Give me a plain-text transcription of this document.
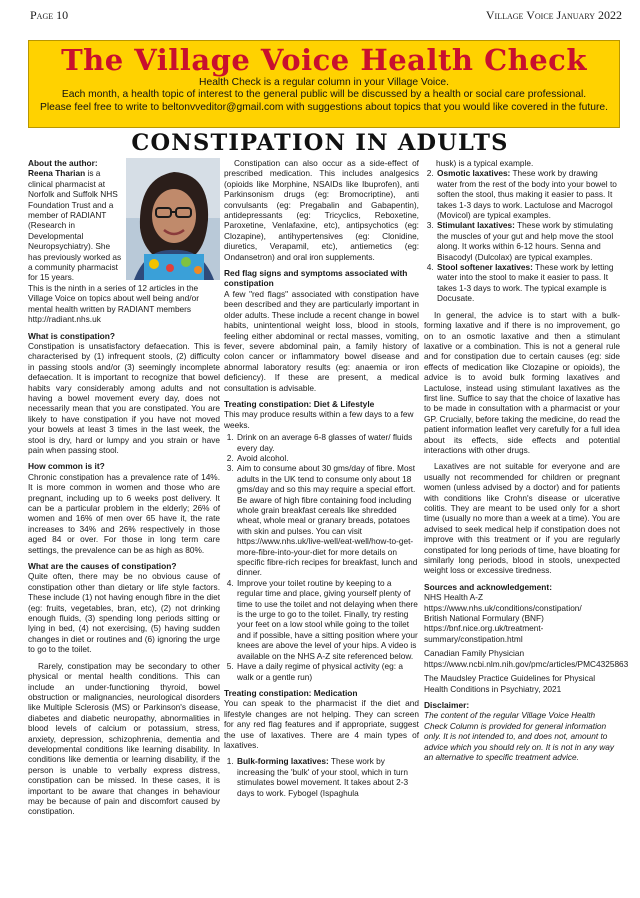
Page 10	Village Voice January 2022
The Village Voice Health Check
Health Check is a regular column in your Village Voice.
Each month, a health topic of interest to the general public will be discussed by a health or social care professional.
Please feel free to write to beltonvveditor@gmail.com with suggestions about topics that you would like covered in the future.
CONSTIPATION IN ADULTS
About the author:
Reena Tharian is a clinical pharmacist at Norfolk and Suffolk NHS Foundation Trust and a member of RADIANT (Research in Developmental Neuropsychiatry). She has previously worked as a community pharmacist for 15 years.

This is the ninth in a series of 12 articles in the Village Voice on topics about well being and/or mental health written by RADIANT members http://radiant.nhs.uk

What is constipation?

Constipation is unsatisfactory defaecation. This is characterised by (1) infrequent stools, (2) difficulty in passing stools and/or (3) seemingly incomplete defaecation. It is important to recognize that bowel habits vary considerably among adults and not having a bowel movement every day, does not necessarily mean that you are constipated. You are likely to have constipation if you have not moved your bowels at least 3 times in the last week, the stool is dry, hard or lumpy and you strain or have pain when passing stool.

How common is it?

Chronic constipation has a prevalence rate of 14%. It is more common in women and those who are pregnant, including up to 6 weeks post delivery. It can be a particular problem in the elderly; 26% of women and 16% of men over 65 have it, the rate increases to 34% and 26% respectively in those aged 84 or over. For those in long term care settings, the prevalence can be as high as 80%.

What are the causes of constipation?

Quite often, there may be no obvious cause of constipation other than dietary or life style factors. These include (1) not having enough fibre in the diet (eg: fruits, vegetables, bran, etc), (2) not drinking enough fluids, (3) spending long periods sitting or lying in bed, (4) not exercising, (5) having sudden changes in diet or routines and (6) ignoring the urge to go to the toilet.

Rarely, constipation may be secondary to other physical or mental health conditions. This can include an under-functioning thyroid, bowel obstruction or malignancies, neurological disorders like Multiple Sclerosis (MS) or Parkinson's disease, diabetes and diabetic neuropathy, abnormalities in blood levels of calcium or potassium, stress, anxiety, depression, schizophrenia, dementia and developmental conditions like learning disability. In conditions like dementia or learning disability, if the person is unable to verbally express distress, constipation can be missed. In these cases, it is important to be aware that changes in behaviour may be because of pain and discomfort caused by constipation.

Constipation can also occur as a side-effect of prescribed medication. This includes analgesics (opioids like Morphine, NSAIDs like Ibuprofen), anti Parkinsonism drugs (eg: Bromocriptine), anti convulsants (eg: Pregabalin and Gabapentin), antidepressants (eg: Tricyclics, Reboxetine, Paroxetine, Venlafaxine, etc), antipsychotics (eg: Clozapine), antihypertensives (eg: Clonidine, diuretics, Verapamil, etc), antiemetics (eg: Ondansetron) and oral iron supplements.

Red flag signs and symptoms associated with constipation

A few "red flags" associated with constipation have been described and they are particularly important in older adults. These include a recent change in bowel habits, unintentional weight loss, blood in stools, feeling either abdominal or rectal masses, vomiting, fever, severe abdominal pain, a family history of colon cancer or inflammatory bowel disease and abnormal laboratory results (eg: anaemia or iron deficiency). If these are present, a medical consultation is advisable.

Treating constipation: Diet & Lifestyle

This may produce results within a few days to a few weeks.

1. Drink on an average 6-8 glasses of water/ fluids every day.
2. Avoid alcohol.
3. Aim to consume about 30 gms/day of fibre. Most adults in the UK tend to consume only about 18 gms/day and so this may require a special effort. Be aware of high fibre containing food including whole grain breakfast cereals like shredded wheat, whole meal or granary breads, potatoes with skin and pulses. You can visit https://www.nhs.uk/live-well/eat-well/how-to-get-more-fibre-into-your-diet for more details on specific fibre-rich recipes for breakfast, lunch and dinner.
4. Improve your toilet routine by keeping to a regular time and place, giving yourself plenty of time to use the toilet and not delaying when there is the urge to go to the toilet. Finally, try resting your feet on a low stool while going to the toilet and if possible, have a sitting position where your knees are above the level of your hips. A video is available on the NHS A-Z site referenced below.
5. Have a daily regime of physical activity (eg: a walk or a gentle run)
Treating constipation: Medication

You can speak to the pharmacist if the diet and lifestyle changes are not helping. They can screen for any red flag features and if appropriate, suggest the use of laxatives. There are 4 main types of laxatives.

1. Bulk-forming laxatives: These work by increasing the 'bulk' of your stool, which in turn stimulates bowel movement. It takes about 2-3 days to work. Fybogel (Ispaghula

husk) is a typical example.

2. Osmotic laxatives: These work by drawing water from the rest of the body into your bowel to soften the stool, thus making it easier to pass. It takes 1-3 days to work. Lactulose and Macrogol (Movicol) are typical examples.
3. Stimulant laxatives: These work by stimulating the muscles of your gut and help move the stool along. It works within 6-12 hours. Senna and Bisacodyl (Dulcolax) are typical examples.
4. Stool softener laxatives: These work by letting water into the stool to make it easier to pass. It takes 1-3 days to work. The typical example is Docusate.

In general, the advice is to start with a bulk-forming laxative and if there is no improvement, go on to an osmotic laxative and then a stimulant laxative or a combination. This is not a general rule and for constipation due to certain causes (eg: side effects of medication like Clozapine or opioids), the advice is to avoid bulk forming laxatives and Lactulose, instead using stimulant laxatives as the first line. Suffice to say that the choice of laxative has to be made in consultation with a pharmacist or your GP. Crucially, before taking the medicine, do read the patient information leaflet very carefully for a full idea about its effects, side effects and potential interactions with other drugs.

Laxatives are not suitable for everyone and are usually not recommended for children or pregnant women (unless advised by a doctor) and for patients with conditions like Crohn's disease or ulcerative colitis. They are meant to be used only for a short time (usually no more than a week at a time). You are advised to seek medical help if constipation does not improve with this treatment or if you are regularly constipated for long periods of time, have bloating for similarly long periods, blood in stools, unexpected weight loss or excessive tiredness.

Sources and acknowledgement:

NHS Health A-Z
https://www.nhs.uk/conditions/constipation/
British National Formulary (BNF)
https://bnf.nice.org.uk/treatment-summary/constipation.html

Canadian Family Physician
https://www.ncbi.nlm.nih.gov/pmc/articles/PMC4325863

The Maudsley Practice Guidelines for Physical Health Conditions in Psychiatry, 2021

Disclaimer:

The content of the regular Village Voice Health Check Column is provided for general information only. It is not intended to, and does not, amount to advice which you should rely on. It is not in any way an alternative to specific treatment advice.
